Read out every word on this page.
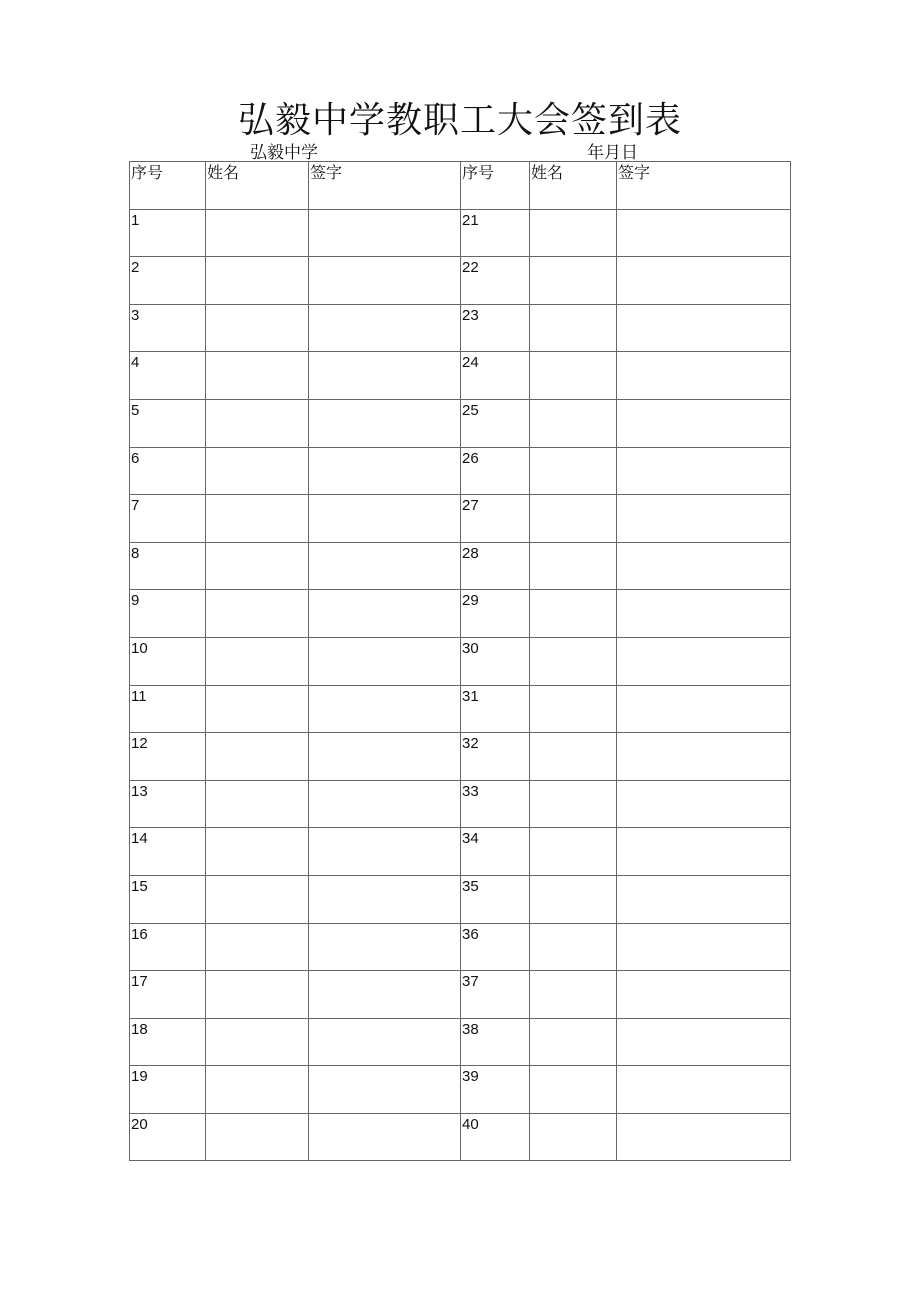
弘毅中学教职工大会签到表
弘毅中学	年月日
序号	姓名	签字	序号	姓名	签字
1			21		
2			22		
3			23		
4			24		
5			25		
6			26		
7			27		
8			28		
9			29		
10			30		
11			31		
12			32		
13			33		
14			34		
15			35		
16			36		
17			37		
18			38		
19			39		
20			40		
